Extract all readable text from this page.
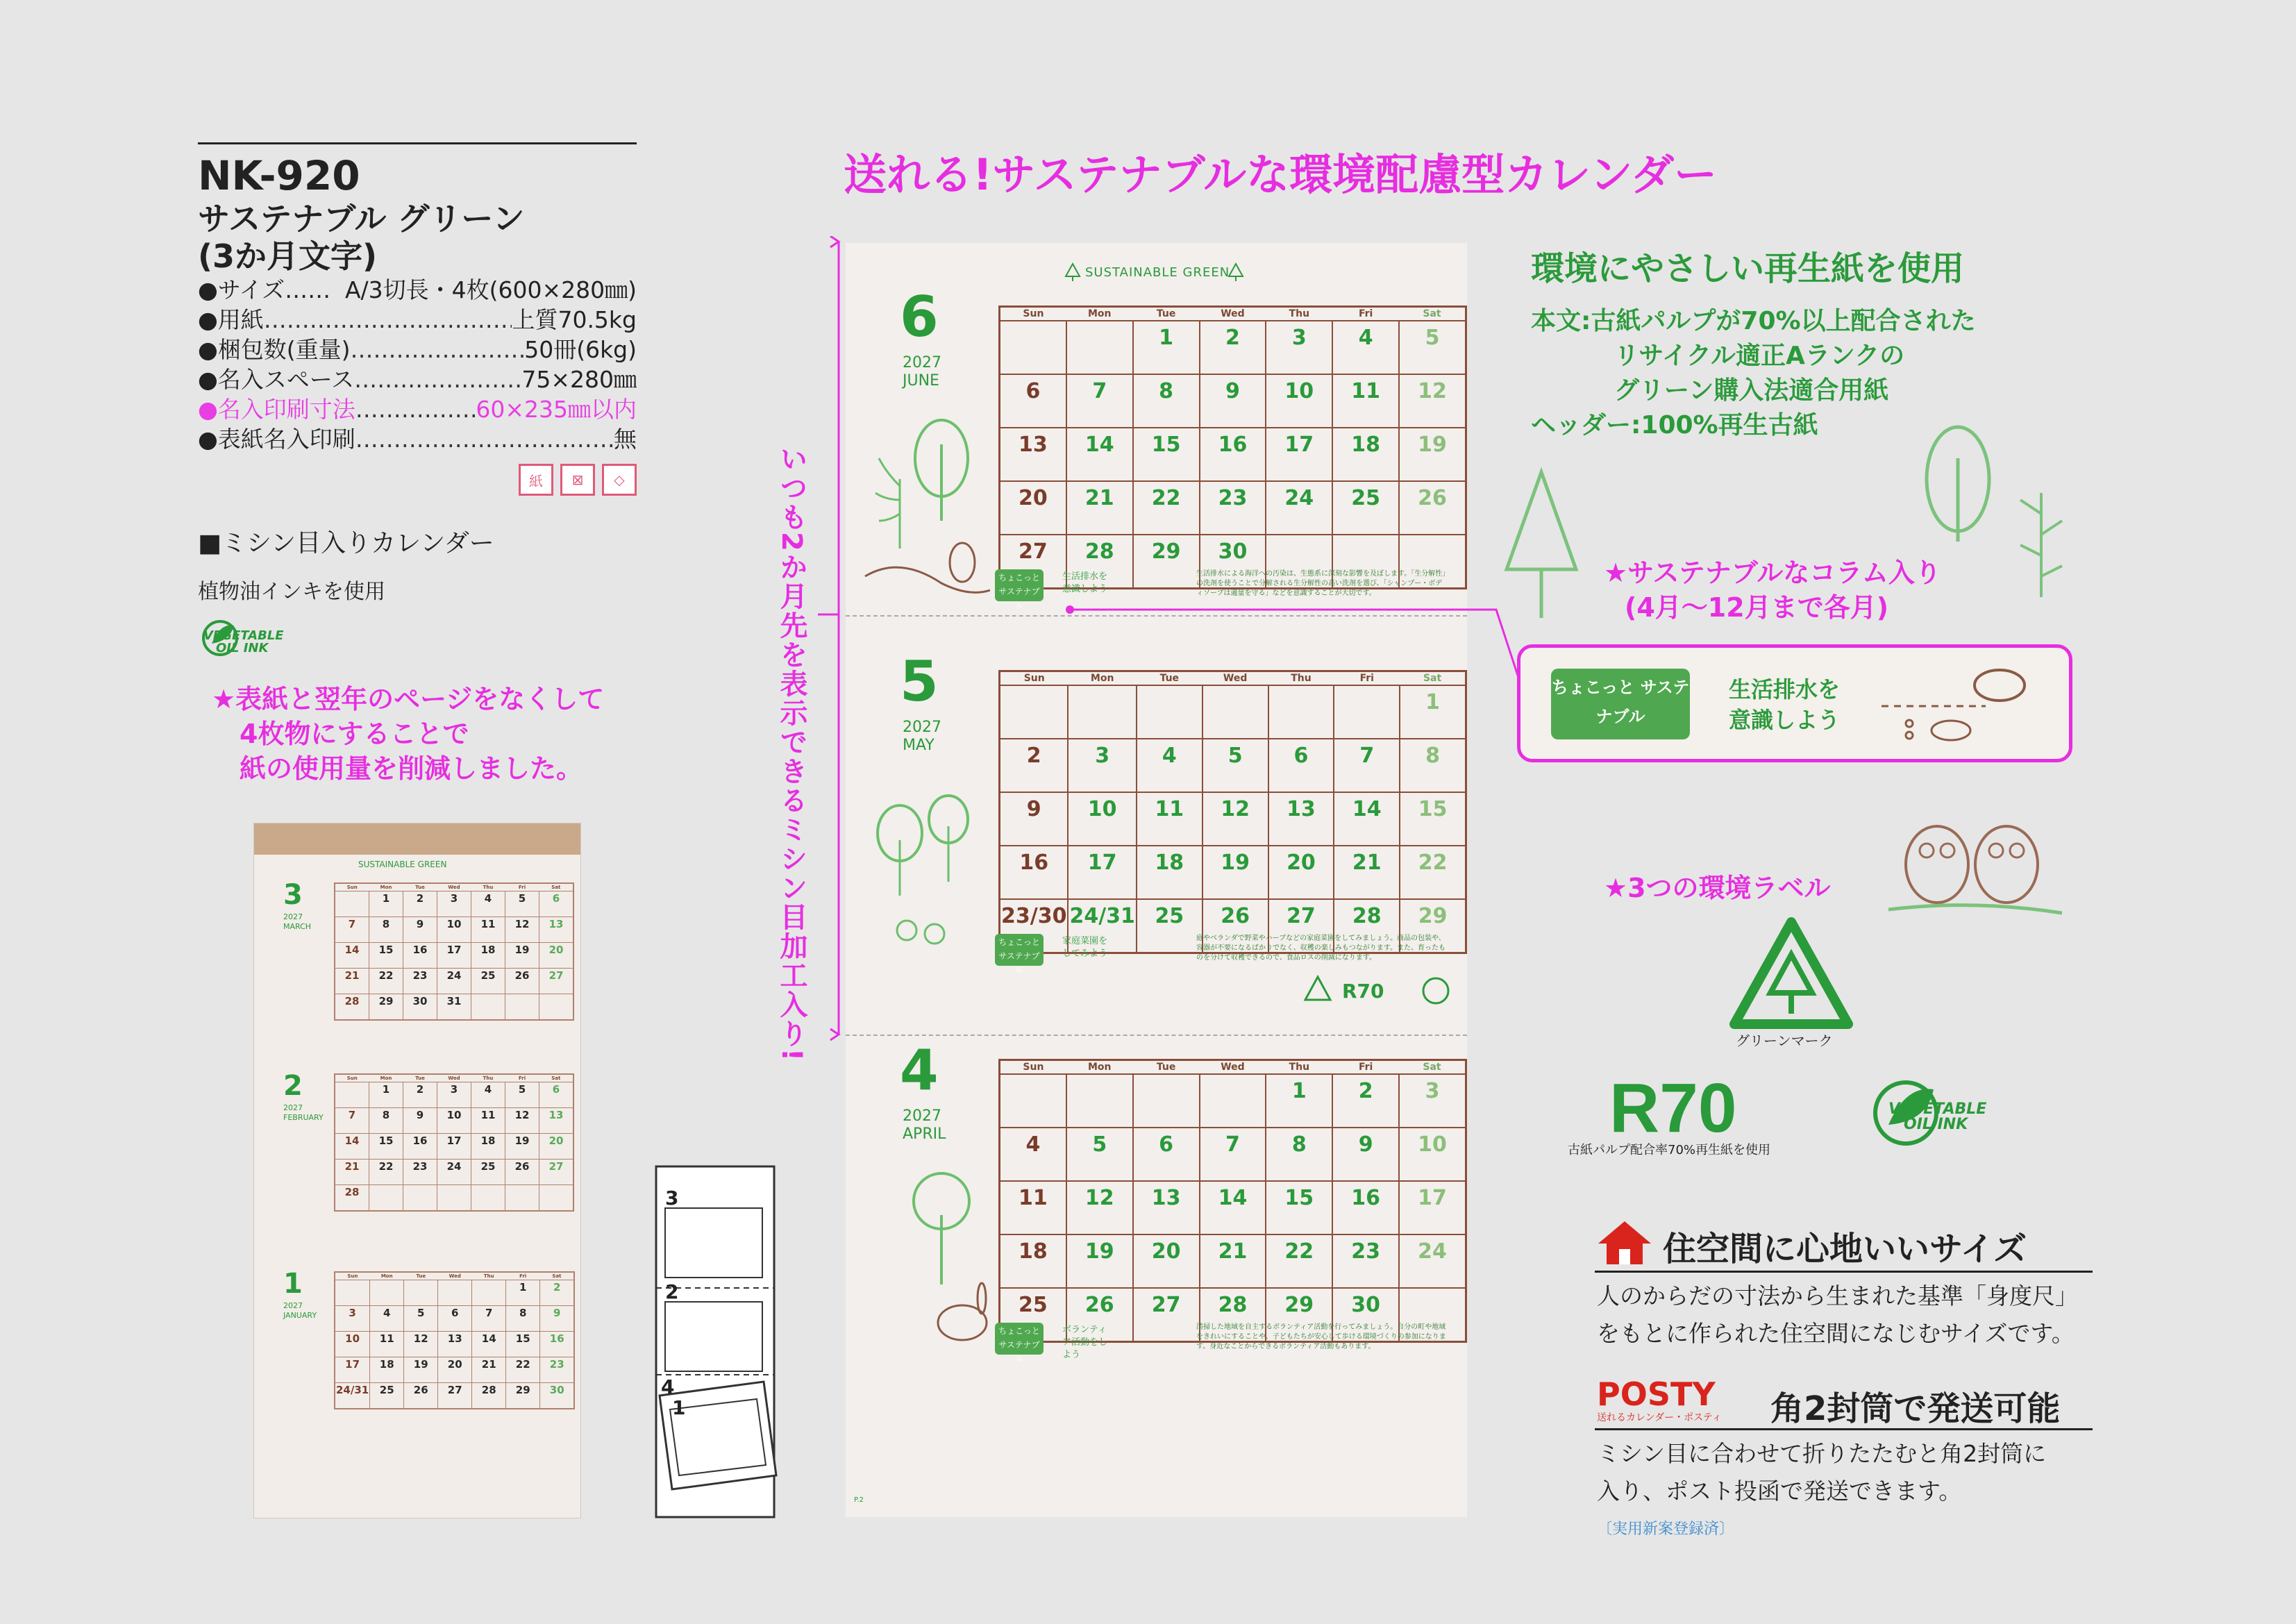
NK-920
サステナブル グリーン
(3か月文字)
●サイズ…… A/3切長・4枚(600×280㎜)
●用紙 ………………………………………………………………………………………………	上質70.5kg
●梱包数(重量) ………………………………………………………………………………………………	50冊(6kg)
●名入スペース ………………………………………………………………………………………………	75×280㎜
●名入印刷寸法 ………………………………………………………………………………………………	60×235㎜以内
●表紙名入印刷 ………………………………………………………………………………………………	無
紙	⊠	◇
■ミシン目入りカレンダー
植物油インキを使用
VEGETABLE
OIL INK
★表紙と翌年のページをなくして
4枚物にすることで
紙の使用量を削減しました。
SUSTAINABLE GREEN
3
2027
MARCH
Sun	Mon	Tue	Wed	Thu	Fri	Sat
	1	2	3	4	5	6
7	8	9	10	11	12	13
14	15	16	17	18	19	20
21	22	23	24	25	26	27
28	29	30	31			
2
2027
FEBRUARY
Sun	Mon	Tue	Wed	Thu	Fri	Sat
	1	2	3	4	5	6
7	8	9	10	11	12	13
14	15	16	17	18	19	20
21	22	23	24	25	26	27
28						
1
2027
JANUARY
Sun	Mon	Tue	Wed	Thu	Fri	Sat
					1	2
3	4	5	6	7	8	9
10	11	12	13	14	15	16
17	18	19	20	21	22	23
24/31	25	26	27	28	29	30
3
2
4
1
送れる!サステナブルな環境配慮型カレンダー
いつも2か月先を表示できるミシン目加工入り!
SUSTAINABLE GREEN
6
2027
JUNE
Sun	Mon	Tue	Wed	Thu	Fri	Sat
		1	2	3	4	5
6	7	8	9	10	11	12
13	14	15	16	17	18	19
20	21	22	23	24	25	26
27	28	29	30			
ちょこっと サステナブル
生活排水を意識しよう
生活排水による海洋への汚染は、生態系に深刻な影響を及ぼします。「生分解性」の洗剤を使うことで分解される生分解性の高い洗剤を選び、「シャンプー・ボディソープは適量を守る」などを意識することが大切です。
5
2027
MAY
Sun	Mon	Tue	Wed	Thu	Fri	Sat
						1
2	3	4	5	6	7	8
9	10	11	12	13	14	15
16	17	18	19	20	21	22
23/30	24/31	25	26	27	28	29
ちょこっと サステナブル
家庭菜園をしてみよう
庭やベランダで野菜やハーブなどの家庭菜園をしてみましょう。商品の包装や、容器が不要になるばかりでなく、収穫の楽しみもつながります。また、育ったものを分けて収穫できるので、食品ロスの削減になります。
4
2027
APRIL
Sun	Mon	Tue	Wed	Thu	Fri	Sat
				1	2	3
4	5	6	7	8	9	10
11	12	13	14	15	16	17
18	19	20	21	22	23	24
25	26	27	28	29	30	
ちょこっと サステナブル
ボランティア活動をしよう
清掃した地域を自主するボランティア活動を行ってみましょう。自分の町や地域をきれいにすることや、子どもたちが安心して歩ける環境づくりの参加になります。身近なことからできるボランティア活動もあります。
R70
P.2
環境にやさしい再生紙を使用
本文:古紙パルプが70%以上配合された
リサイクル適正Aランクの
グリーン購入法適合用紙
ヘッダー:100%再生古紙
★サステナブルなコラム入り
(4月〜12月まで各月)
ちょこっと サステナブル
生活排水を
意識しよう
★3つの環境ラベル
グリーンマーク
R70
古紙パルプ配合率70%再生紙を使用
VEGETABLE
OIL INK
住空間に心地いいサイズ
人のからだの寸法から生まれた基準「身度尺」
をもとに作られた住空間になじむサイズです。
POSTY
送れるカレンダー・ポスティ	角2封筒で発送可能
ミシン目に合わせて折りたたむと角2封筒に
入り、ポスト投函で発送できます。
〔実用新案登録済〕
